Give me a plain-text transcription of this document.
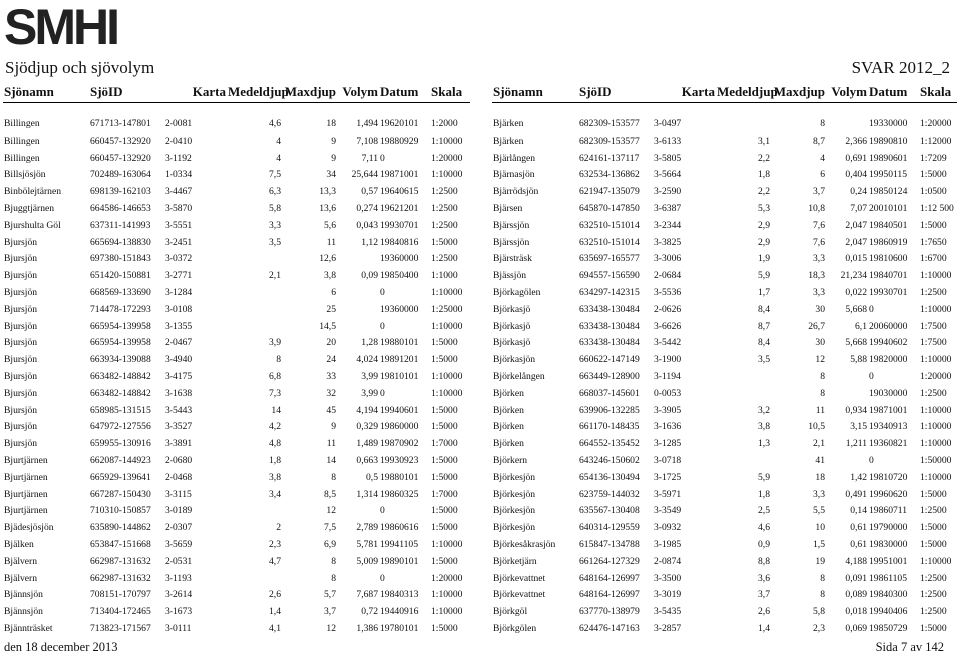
SMHI
Sjödjup och sjövolym	SVAR 2012_2
Sjönamn	SjöID	Karta	Medeldjup	Maxdjup	Volym	Datum	Skala
Billingen	671713-147801	2-0081	4,6	18	1,494	19620101	1:2000
Billingen	660457-132920	2-0410	4	9	7,108	19880929	1:10000
Billingen	660457-132920	3-1192	4	9	7,11	0	1:20000
Billsjösjön	702489-163064	1-0334	7,5	34	25,644	19871001	1:10000
Binbölejtärnen	698139-162103	3-4467	6,3	13,3	0,57	19640615	1:2500
Bjuggtjärnen	664586-146653	3-5870	5,8	13,6	0,274	19621201	1:2500
Bjurshulta Göl	637311-141993	3-5551	3,3	5,6	0,043	19930701	1:2500
Bjursjön	665694-138830	3-2451	3,5	11	1,12	19840816	1:5000
Bjursjön	697380-151843	3-0372		12,6		19360000	1:2500
Bjursjön	651420-150881	3-2771	2,1	3,8	0,09	19850400	1:1000
Bjursjön	668569-133690	3-1284		6		0	1:10000
Bjursjön	714478-172293	3-0108		25		19360000	1:25000
Bjursjön	665954-139958	3-1355		14,5		0	1:10000
Bjursjön	665954-139958	2-0467	3,9	20	1,28	19880101	1:5000
Bjursjön	663934-139088	3-4940	8	24	4,024	19891201	1:5000
Bjursjön	663482-148842	3-4175	6,8	33	3,99	19810101	1:10000
Bjursjön	663482-148842	3-1638	7,3	32	3,99	0	1:10000
Bjursjön	658985-131515	3-5443	14	45	4,194	19940601	1:5000
Bjursjön	647972-127556	3-3527	4,2	9	0,329	19860000	1:5000
Bjursjön	659955-130916	3-3891	4,8	11	1,489	19870902	1:7000
Bjurtjärnen	662087-144923	2-0680	1,8	14	0,663	19930923	1:5000
Bjurtjärnen	665929-139641	2-0468	3,8	8	0,5	19880101	1:5000
Bjurtjärnen	667287-150430	3-3115	3,4	8,5	1,314	19860325	1:7000
Bjurtjärnen	710310-150857	3-0189		12		0	1:5000
Bjädesjösjön	635890-144862	2-0307	2	7,5	2,789	19860616	1:5000
Bjälken	653847-151668	3-5659	2,3	6,9	5,781	19941105	1:10000
Bjälvern	662987-131632	2-0531	4,7	8	5,009	19890101	1:5000
Bjälvern	662987-131632	3-1193		8		0	1:20000
Bjännsjön	708151-170797	3-2614	2,6	5,7	7,687	19840313	1:10000
Bjännsjön	713404-172465	3-1673	1,4	3,7	0,72	19440916	1:10000
Bjännträsket	713823-171567	3-0111	4,1	12	1,386	19780101	1:5000
Sjönamn	SjöID	Karta	Medeldjup	Maxdjup	Volym	Datum	Skala
Bjärken	682309-153577	3-0497		8		19330000	1:20000
Bjärken	682309-153577	3-6133	3,1	8,7	2,366	19890810	1:12000
Bjärlången	624161-137117	3-5805	2,2	4	0,691	19890601	1:7209
Bjärnasjön	632534-136862	3-5664	1,8	6	0,404	19950115	1:5000
Bjärrödsjön	621947-135079	3-2590	2,2	3,7	0,24	19850124	1:0500
Bjärsen	645870-147850	3-6387	5,3	10,8	7,07	20010101	1:12 500
Bjärssjön	632510-151014	3-2344	2,9	7,6	2,047	19840501	1:5000
Bjärssjön	632510-151014	3-3825	2,9	7,6	2,047	19860919	1:7650
Bjärsträsk	635697-165577	3-3006	1,9	3,3	0,015	19810600	1:6700
Bjässjön	694557-156590	2-0684	5,9	18,3	21,234	19840701	1:10000
Björkagölen	634297-142315	3-5536	1,7	3,3	0,022	19930701	1:2500
Björkasjö	633438-130484	2-0626	8,4	30	5,668	0	1:10000
Björkasjö	633438-130484	3-6626	8,7	26,7	6,1	20060000	1:7500
Björkasjö	633438-130484	3-5442	8,4	30	5,668	19940602	1:7500
Björkasjön	660622-147149	3-1900	3,5	12	5,88	19820000	1:10000
Björkelången	663449-128900	3-1194		8		0	1:20000
Björken	668037-145601	0-0053		8		19030000	1:2500
Björken	639906-132285	3-3905	3,2	11	0,934	19871001	1:10000
Björken	661170-148435	3-1636	3,8	10,5	3,15	19340913	1:10000
Björken	664552-135452	3-1285	1,3	2,1	1,211	19360821	1:10000
Björkern	643246-150602	3-0718		41		0	1:50000
Björkesjön	654136-130494	3-1725	5,9	18	1,42	19810720	1:10000
Björkesjön	623759-144032	3-5971	1,8	3,3	0,491	19960620	1:5000
Björkesjön	635567-130408	3-3549	2,5	5,5	0,14	19860711	1:2500
Björkesjön	640314-129559	3-0932	4,6	10	0,61	19790000	1:5000
Björkesåkrasjön	615847-134788	3-1985	0,9	1,5	0,61	19830000	1:5000
Björketjärn	661264-127329	2-0874	8,8	19	4,188	19951001	1:10000
Björkevattnet	648164-126997	3-3500	3,6	8	0,091	19861105	1:2500
Björkevattnet	648164-126997	3-3019	3,7	8	0,089	19840300	1:2500
Björkgöl	637770-138979	3-5435	2,6	5,8	0,018	19940406	1:2500
Björkgölen	624476-147163	3-2857	1,4	2,3	0,069	19850729	1:5000
den 18 december 2013	Sida 7 av 142
